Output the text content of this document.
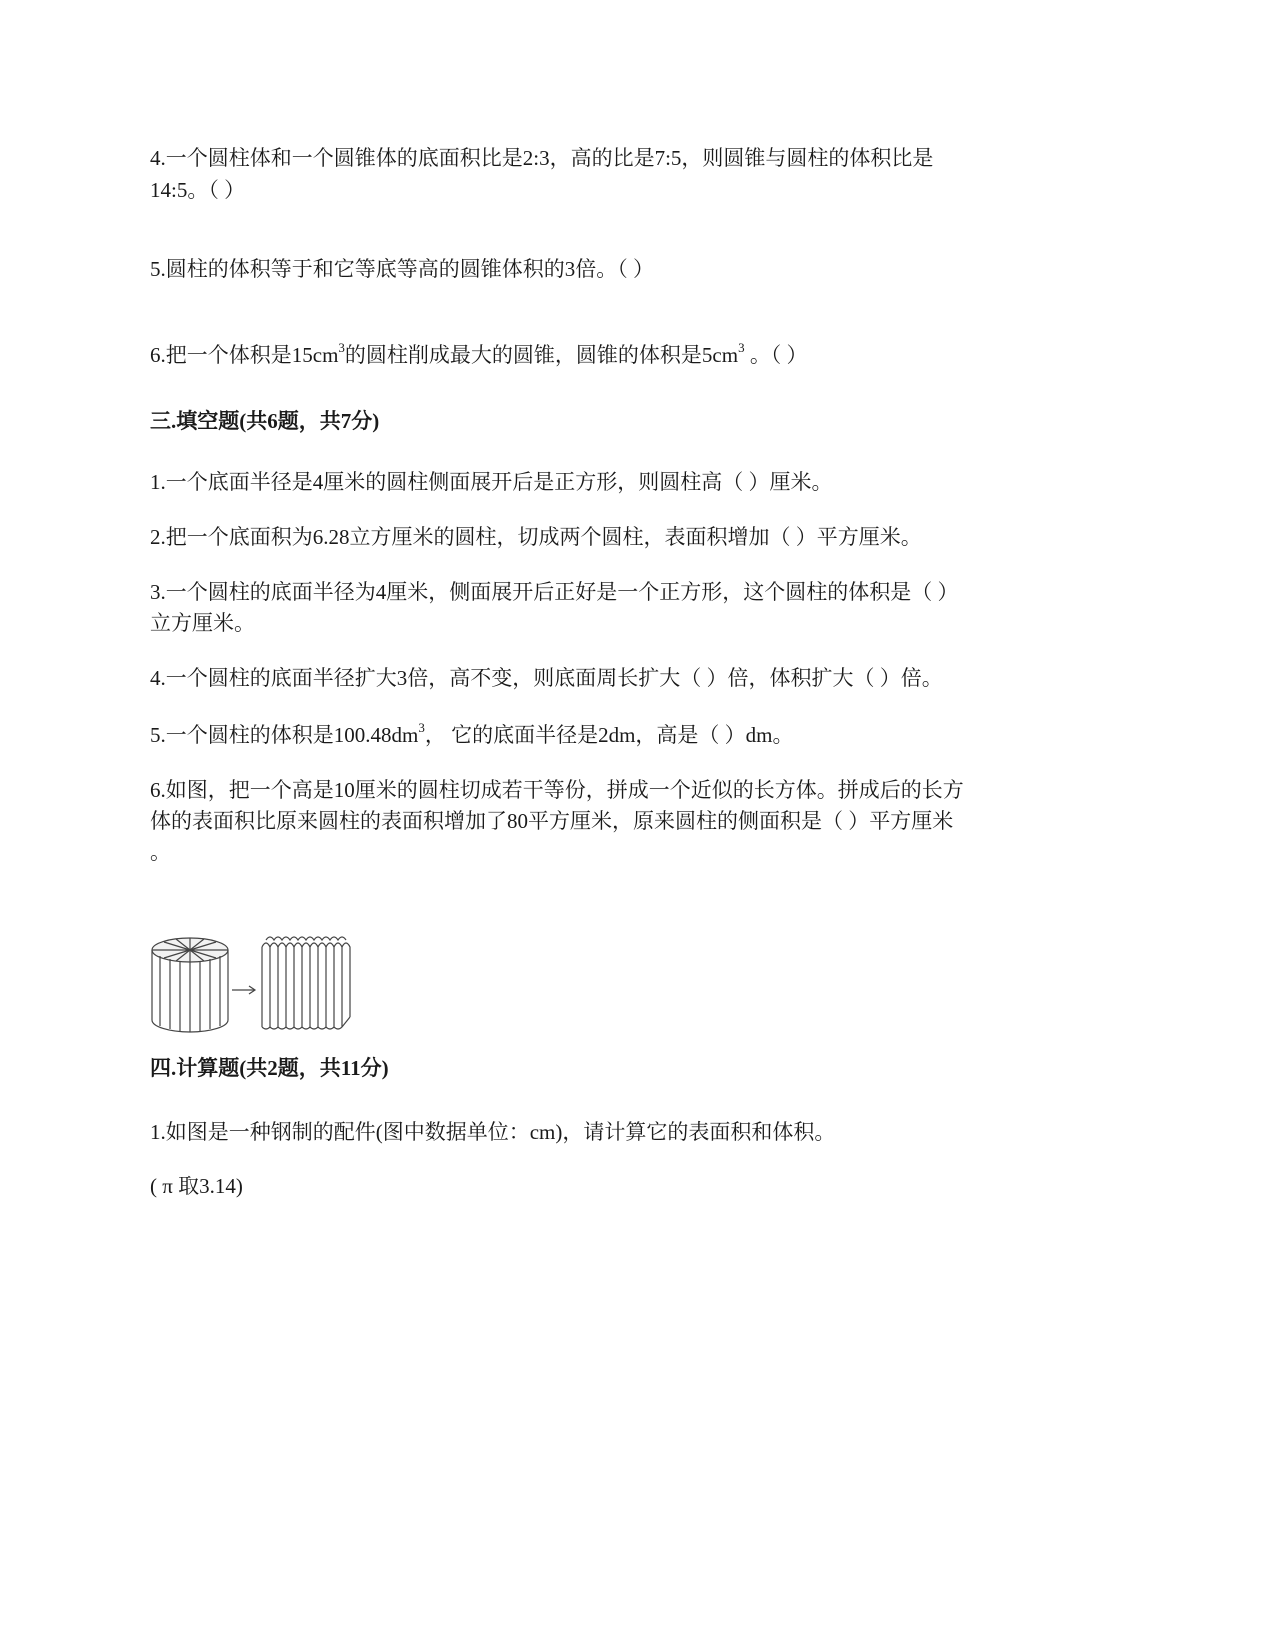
4.一个圆柱体和一个圆锥体的底面积比是2:3，高的比是7:5，则圆锥与圆柱的体积比是
14:5。（ ）
5.圆柱的体积等于和它等底等高的圆锥体积的3倍。（ ）
6.把一个体积是$15cm^3$的圆柱削成最大的圆锥，圆锥的体积是$5cm^3$ 。（ ）
三.填空题(共6题，共7分)
1.一个底面半径是4厘米的圆柱侧面展开后是正方形，则圆柱高（ ）厘米。
2.把一个底面积为6.28立方厘米的圆柱，切成两个圆柱，表面积增加（ ）平方厘米。
3.一个圆柱的底面半径为4厘米，侧面展开后正好是一个正方形，这个圆柱的体积是（ ）
立方厘米。
4.一个圆柱的底面半径扩大3倍，高不变，则底面周长扩大（ ）倍，体积扩大（ ）倍。
5.一个圆柱的体积是$100.48dm^3$， 它的底面半径是2dm，高是（ ）dm。
6.如图，把一个高是10厘米的圆柱切成若干等份，拼成一个近似的长方体。拼成后的长方
体的表面积比原来圆柱的表面积增加了80平方厘米，原来圆柱的侧面积是（ ）平方厘米
。
四.计算题(共2题，共11分)
1.如图是一种钢制的配件(图中数据单位：cm)，请计算它的表面积和体积。
( π 取3.14)
